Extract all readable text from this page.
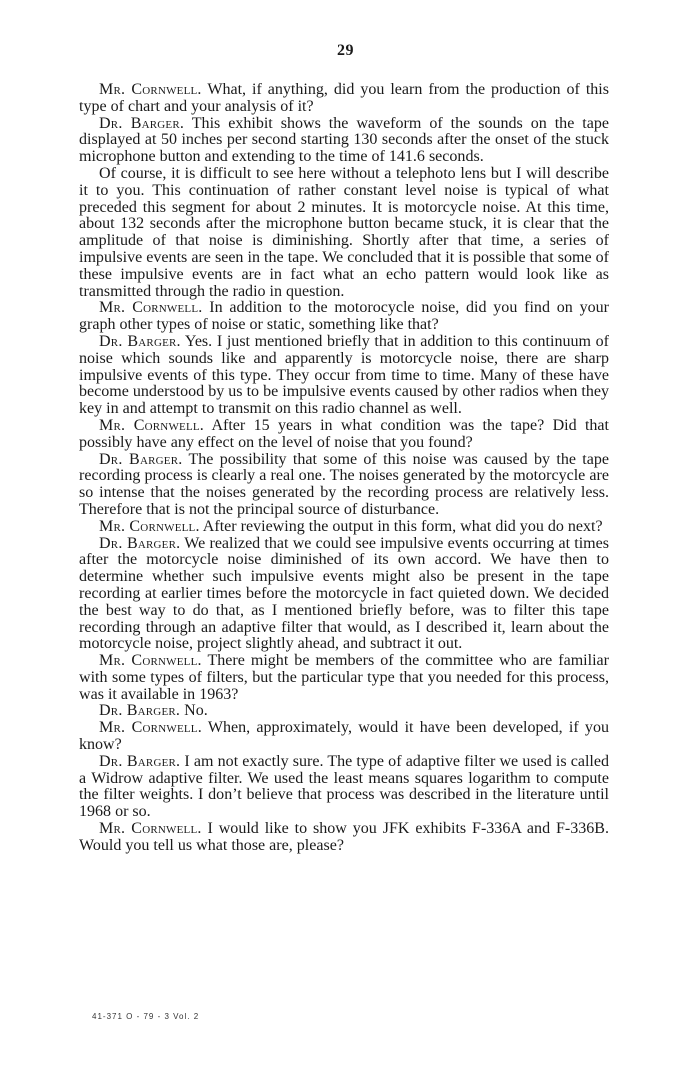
29

Mr. Cornwell. What, if anything, did you learn from the production of this type of chart and your analysis of it?

Dr. Barger. This exhibit shows the waveform of the sounds on the tape displayed at 50 inches per second starting 130 seconds after the onset of the stuck microphone button and extending to the time of 141.6 seconds.

Of course, it is difficult to see here without a telephoto lens but I will describe it to you. This continuation of rather constant level noise is typical of what preceded this segment for about 2 minutes. It is motorcycle noise. At this time, about 132 seconds after the microphone button became stuck, it is clear that the amplitude of that noise is diminishing. Shortly after that time, a series of impulsive events are seen in the tape. We concluded that it is possible that some of these impulsive events are in fact what an echo pattern would look like as transmitted through the radio in question.

Mr. Cornwell. In addition to the motorocycle noise, did you find on your graph other types of noise or static, something like that?

Dr. Barger. Yes. I just mentioned briefly that in addition to this continuum of noise which sounds like and apparently is motorcycle noise, there are sharp impulsive events of this type. They occur from time to time. Many of these have become understood by us to be impulsive events caused by other radios when they key in and attempt to transmit on this radio channel as well.

Mr. Cornwell. After 15 years in what condition was the tape? Did that possibly have any effect on the level of noise that you found?

Dr. Barger. The possibility that some of this noise was caused by the tape recording process is clearly a real one. The noises generated by the motorcycle are so intense that the noises generated by the recording process are relatively less. Therefore that is not the principal source of disturbance.

Mr. Cornwell. After reviewing the output in this form, what did you do next?

Dr. Barger. We realized that we could see impulsive events occurring at times after the motorcycle noise diminished of its own accord. We have then to determine whether such impulsive events might also be present in the tape recording at earlier times before the motorcycle in fact quieted down. We decided the best way to do that, as I mentioned briefly before, was to filter this tape recording through an adaptive filter that would, as I described it, learn about the motorcycle noise, project slightly ahead, and subtract it out.

Mr. Cornwell. There might be members of the committee who are familiar with some types of filters, but the particular type that you needed for this process, was it available in 1963?

Dr. Barger. No.

Mr. Cornwell. When, approximately, would it have been developed, if you know?

Dr. Barger. I am not exactly sure. The type of adaptive filter we used is called a Widrow adaptive filter. We used the least means squares logarithm to compute the filter weights. I don’t believe that process was described in the literature until 1968 or so.

Mr. Cornwell. I would like to show you JFK exhibits F-336A and F-336B. Would you tell us what those are, please?

41-371 O - 79 - 3 Vol. 2
